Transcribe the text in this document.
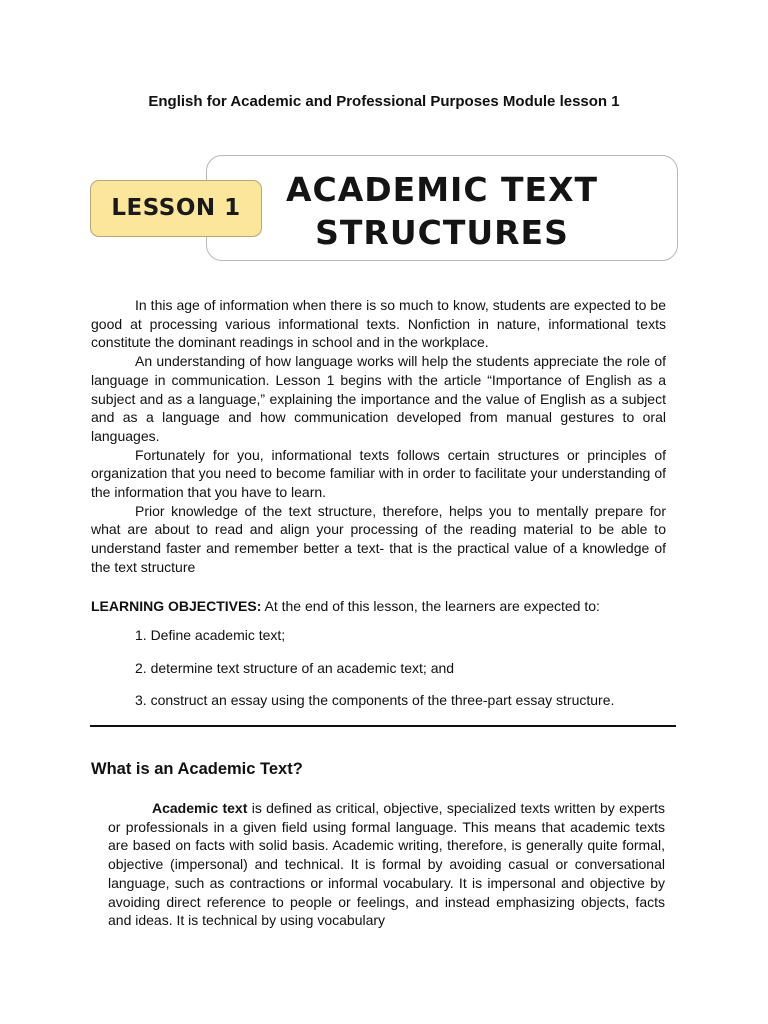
English for Academic and Professional Purposes Module lesson 1
ACADEMIC TEXT
STRUCTURES
LESSON 1

In this age of information when there is so much to know, students are expected to be good at processing various informational texts. Nonfiction in nature, informational texts constitute the dominant readings in school and in the workplace.

An understanding of how language works will help the students appreciate the role of language in communication. Lesson 1 begins with the article “Importance of English as a subject and as a language,” explaining the importance and the value of English as a subject and as a language and how communication developed from manual gestures to oral languages.

Fortunately for you, informational texts follows certain structures or principles of organization that you need to become familiar with in order to facilitate your understanding of the information that you have to learn.

Prior knowledge of the text structure, therefore, helps you to mentally prepare for what are about to read and align your processing of the reading material to be able to understand faster and remember better a text- that is the practical value of a knowledge of the text structure

LEARNING OBJECTIVES: At the end of this lesson, the learners are expected to:
1. Define academic text;
2. determine text structure of an academic text; and
3. construct an essay using the components of the three-part essay structure.
What is an Academic Text?

Academic text is defined as critical, objective, specialized texts written by experts or professionals in a given field using formal language. This means that academic texts are based on facts with solid basis. Academic writing, therefore, is generally quite formal, objective (impersonal) and technical. It is formal by avoiding casual or conversational language, such as contractions or informal vocabulary. It is impersonal and objective by avoiding direct reference to people or feelings, and instead emphasizing objects, facts and ideas. It is technical by using vocabulary
